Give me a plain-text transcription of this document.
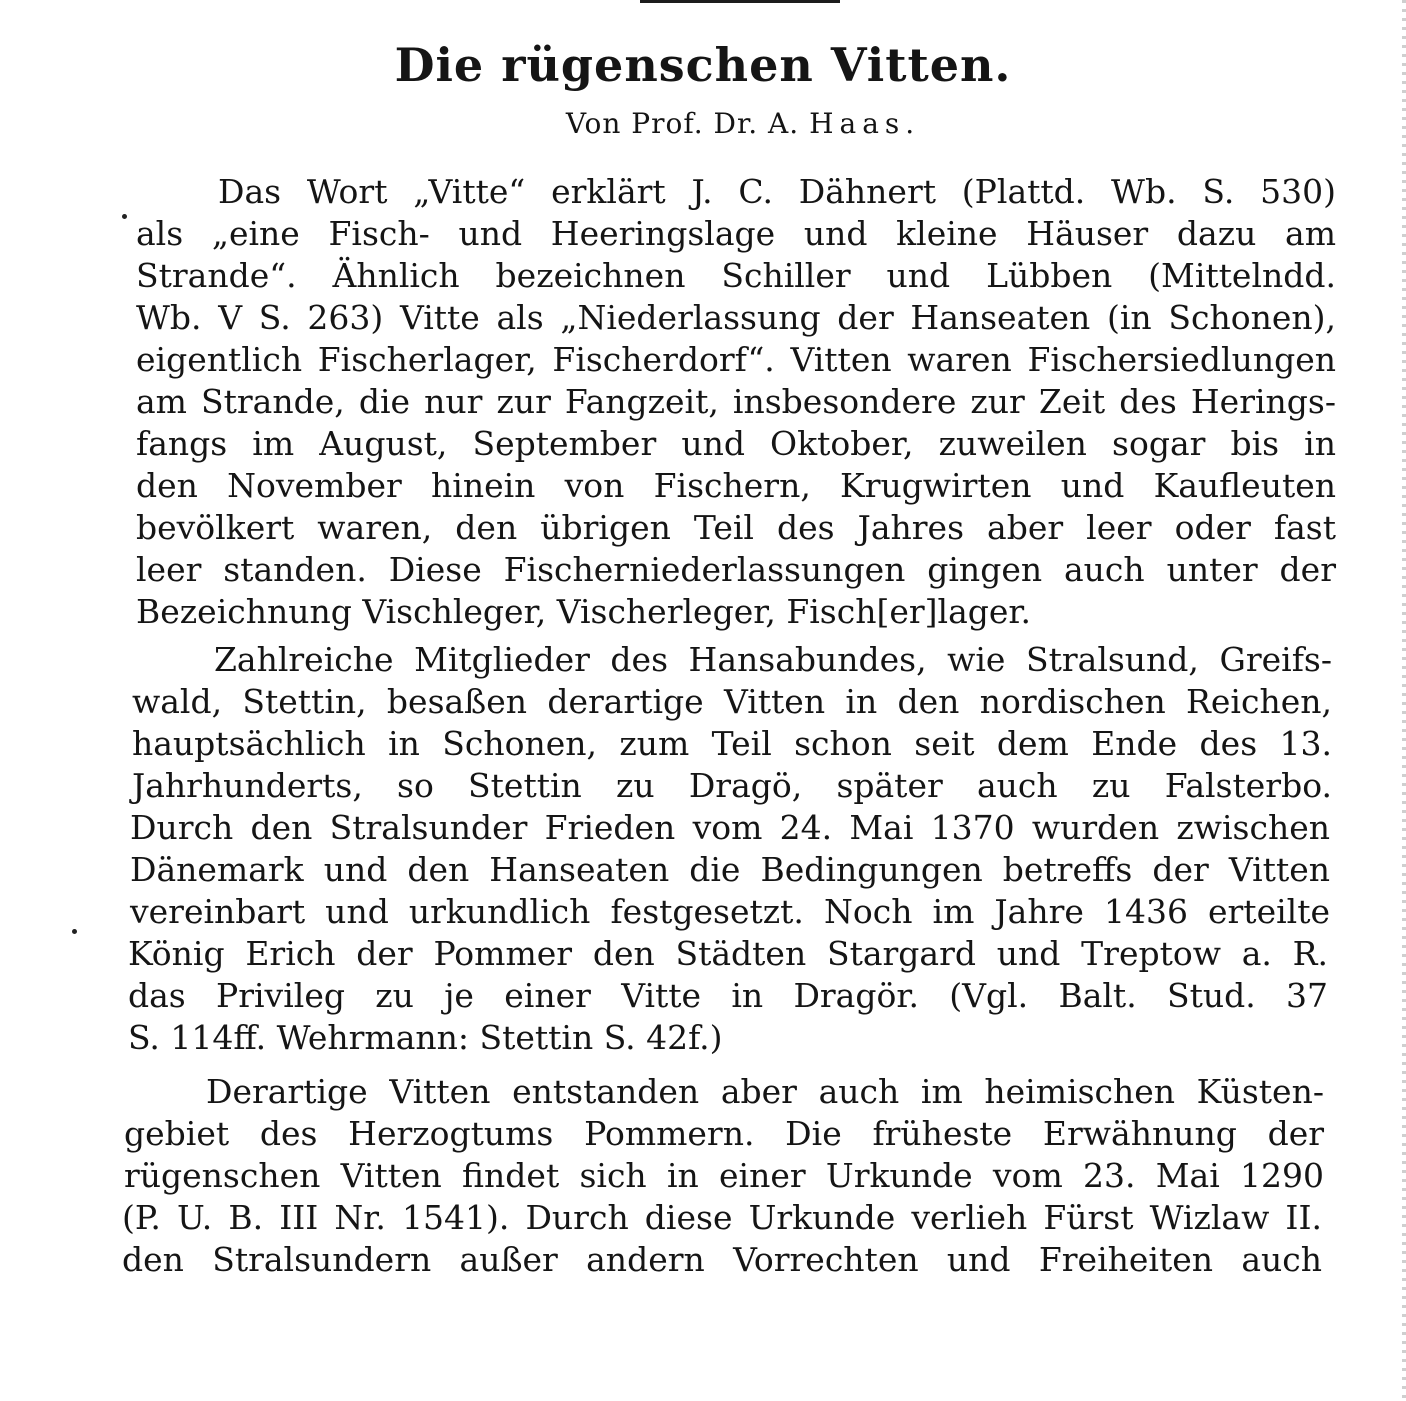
Die rügenschen Vitten.
Von Prof. Dr. A. Haas.
Das Wort „Vitte“ erklärt J. C. Dähnert (Plattd. Wb. S. 530)
als „eine Fisch- und Heeringslage und kleine Häuser dazu am
Strande“. Ähnlich bezeichnen Schiller und Lübben (Mittelndd.
Wb. V S. 263) Vitte als „Niederlassung der Hanseaten (in Schonen),
eigentlich Fischerlager, Fischerdorf“. Vitten waren Fischersiedlungen
am Strande, die nur zur Fangzeit, insbesondere zur Zeit des Herings-
fangs im August, September und Oktober, zuweilen sogar bis in
den November hinein von Fischern, Krugwirten und Kaufleuten
bevölkert waren, den übrigen Teil des Jahres aber leer oder fast
leer standen. Diese Fischerniederlassungen gingen auch unter der
Bezeichnung Vischleger, Vischerleger, Fisch[er]lager.
Zahlreiche Mitglieder des Hansabundes, wie Stralsund, Greifs-
wald, Stettin, besaßen derartige Vitten in den nordischen Reichen,
hauptsächlich in Schonen, zum Teil schon seit dem Ende des 13.
Jahrhunderts, so Stettin zu Dragö, später auch zu Falsterbo.
Durch den Stralsunder Frieden vom 24. Mai 1370 wurden zwischen
Dänemark und den Hanseaten die Bedingungen betreffs der Vitten
vereinbart und urkundlich festgesetzt. Noch im Jahre 1436 erteilte
König Erich der Pommer den Städten Stargard und Treptow a. R.
das Privileg zu je einer Vitte in Dragör. (Vgl. Balt. Stud. 37
S. 114ff. Wehrmann: Stettin S. 42f.)
Derartige Vitten entstanden aber auch im heimischen Küsten-
gebiet des Herzogtums Pommern. Die früheste Erwähnung der
rügenschen Vitten findet sich in einer Urkunde vom 23. Mai 1290
(P. U. B. III Nr. 1541). Durch diese Urkunde verlieh Fürst Wizlaw II.
den Stralsundern außer andern Vorrechten und Freiheiten auch
